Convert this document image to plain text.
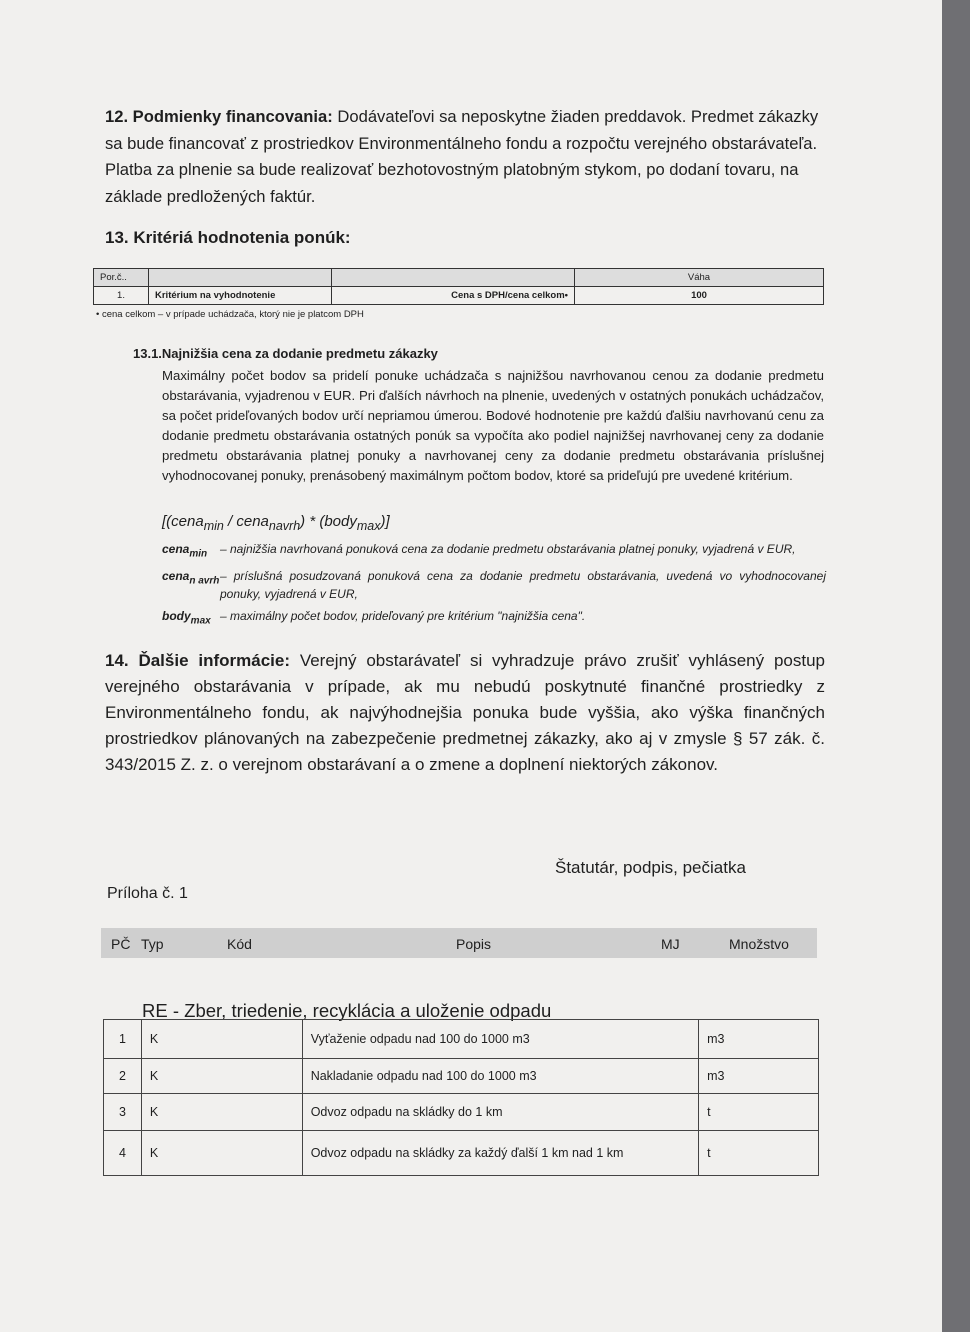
12. Podmienky financovania: Dodávateľovi sa neposkytne žiaden preddavok. Predmet zákazky sa bude financovať z prostriedkov Environmentálneho fondu a rozpočtu verejného obstarávateľa. Platba za plnenie sa bude realizovať bezhotovostným platobným stykom, po dodaní tovaru, na základe predložených faktúr.

13. Kritériá hodnotenia ponúk:

Por.č..			Váha
1.	Kritérium na vyhodnotenie	Cena s DPH/cena celkom•	100

• cena celkom – v prípade uchádzača, ktorý nie je platcom DPH

13.1.Najnižšia cena za dodanie predmetu zákazky

Maximálny počet bodov sa pridelí ponuke uchádzača s najnižšou navrhovanou cenou za dodanie predmetu obstarávania, vyjadrenou v EUR. Pri ďalších návrhoch na plnenie, uvedených v ostatných ponukách uchádzačov, sa počet prideľovaných bodov určí nepriamou úmerou. Bodové hodnotenie pre každú ďalšiu navrhovanú cenu za dodanie predmetu obstarávania ostatných ponúk sa vypočíta ako podiel najnižšej navrhovanej ceny za dodanie predmetu obstarávania platnej ponuky a navrhovanej ceny za dodanie predmetu obstarávania príslušnej vyhodnocovanej ponuky, prenásobený maximálnym počtom bodov, ktoré sa prideľujú pre uvedené kritérium.

[(cena$_{min}$ / cena$_{navrh}$) * (body$_{max}$)]

cena$_{min}$	– najnižšia navrhovaná ponuková cena za dodanie predmetu obstarávania platnej ponuky, vyjadrená v EUR,
cena$_{n avrh}$ – príslušná posudzovaná ponuková cena za dodanie predmetu obstarávania, uvedená vo vyhodnocovanej ponuky, vyjadrená v EUR,
body$_{max}$ – maximálny počet bodov, prideľovaný pre kritérium "najnižšia cena".

14. Ďalšie informácie: Verejný obstarávateľ si vyhradzuje právo zrušiť vyhlásený postup verejného obstarávania v prípade, ak mu nebudú poskytnuté finančné prostriedky z Environmentálneho fondu, ak najvýhodnejšia ponuka bude vyššia, ako výška finančných prostriedkov plánovaných na zabezpečenie predmetnej zákazky, ako aj v zmysle § 57 zák. č. 343/2015 Z. z. o verejnom obstarávaní a o zmene a doplnení niektorých zákonov.

Štatutár, podpis, pečiatka

Príloha č. 1

PČ Typ	Kód	Popis	MJ	Množstvo

RE - Zber, triedenie, recyklácia a uloženie odpadu

1	K	Vyťaženie odpadu nad 100 do 1000 m3	m3
2	K	Nakladanie odpadu nad 100 do 1000 m3	m3
3	K	Odvoz odpadu na skládky do 1 km	t
4	K	Odvoz odpadu na skládky za každý ďalší 1 km nad 1 km	t
